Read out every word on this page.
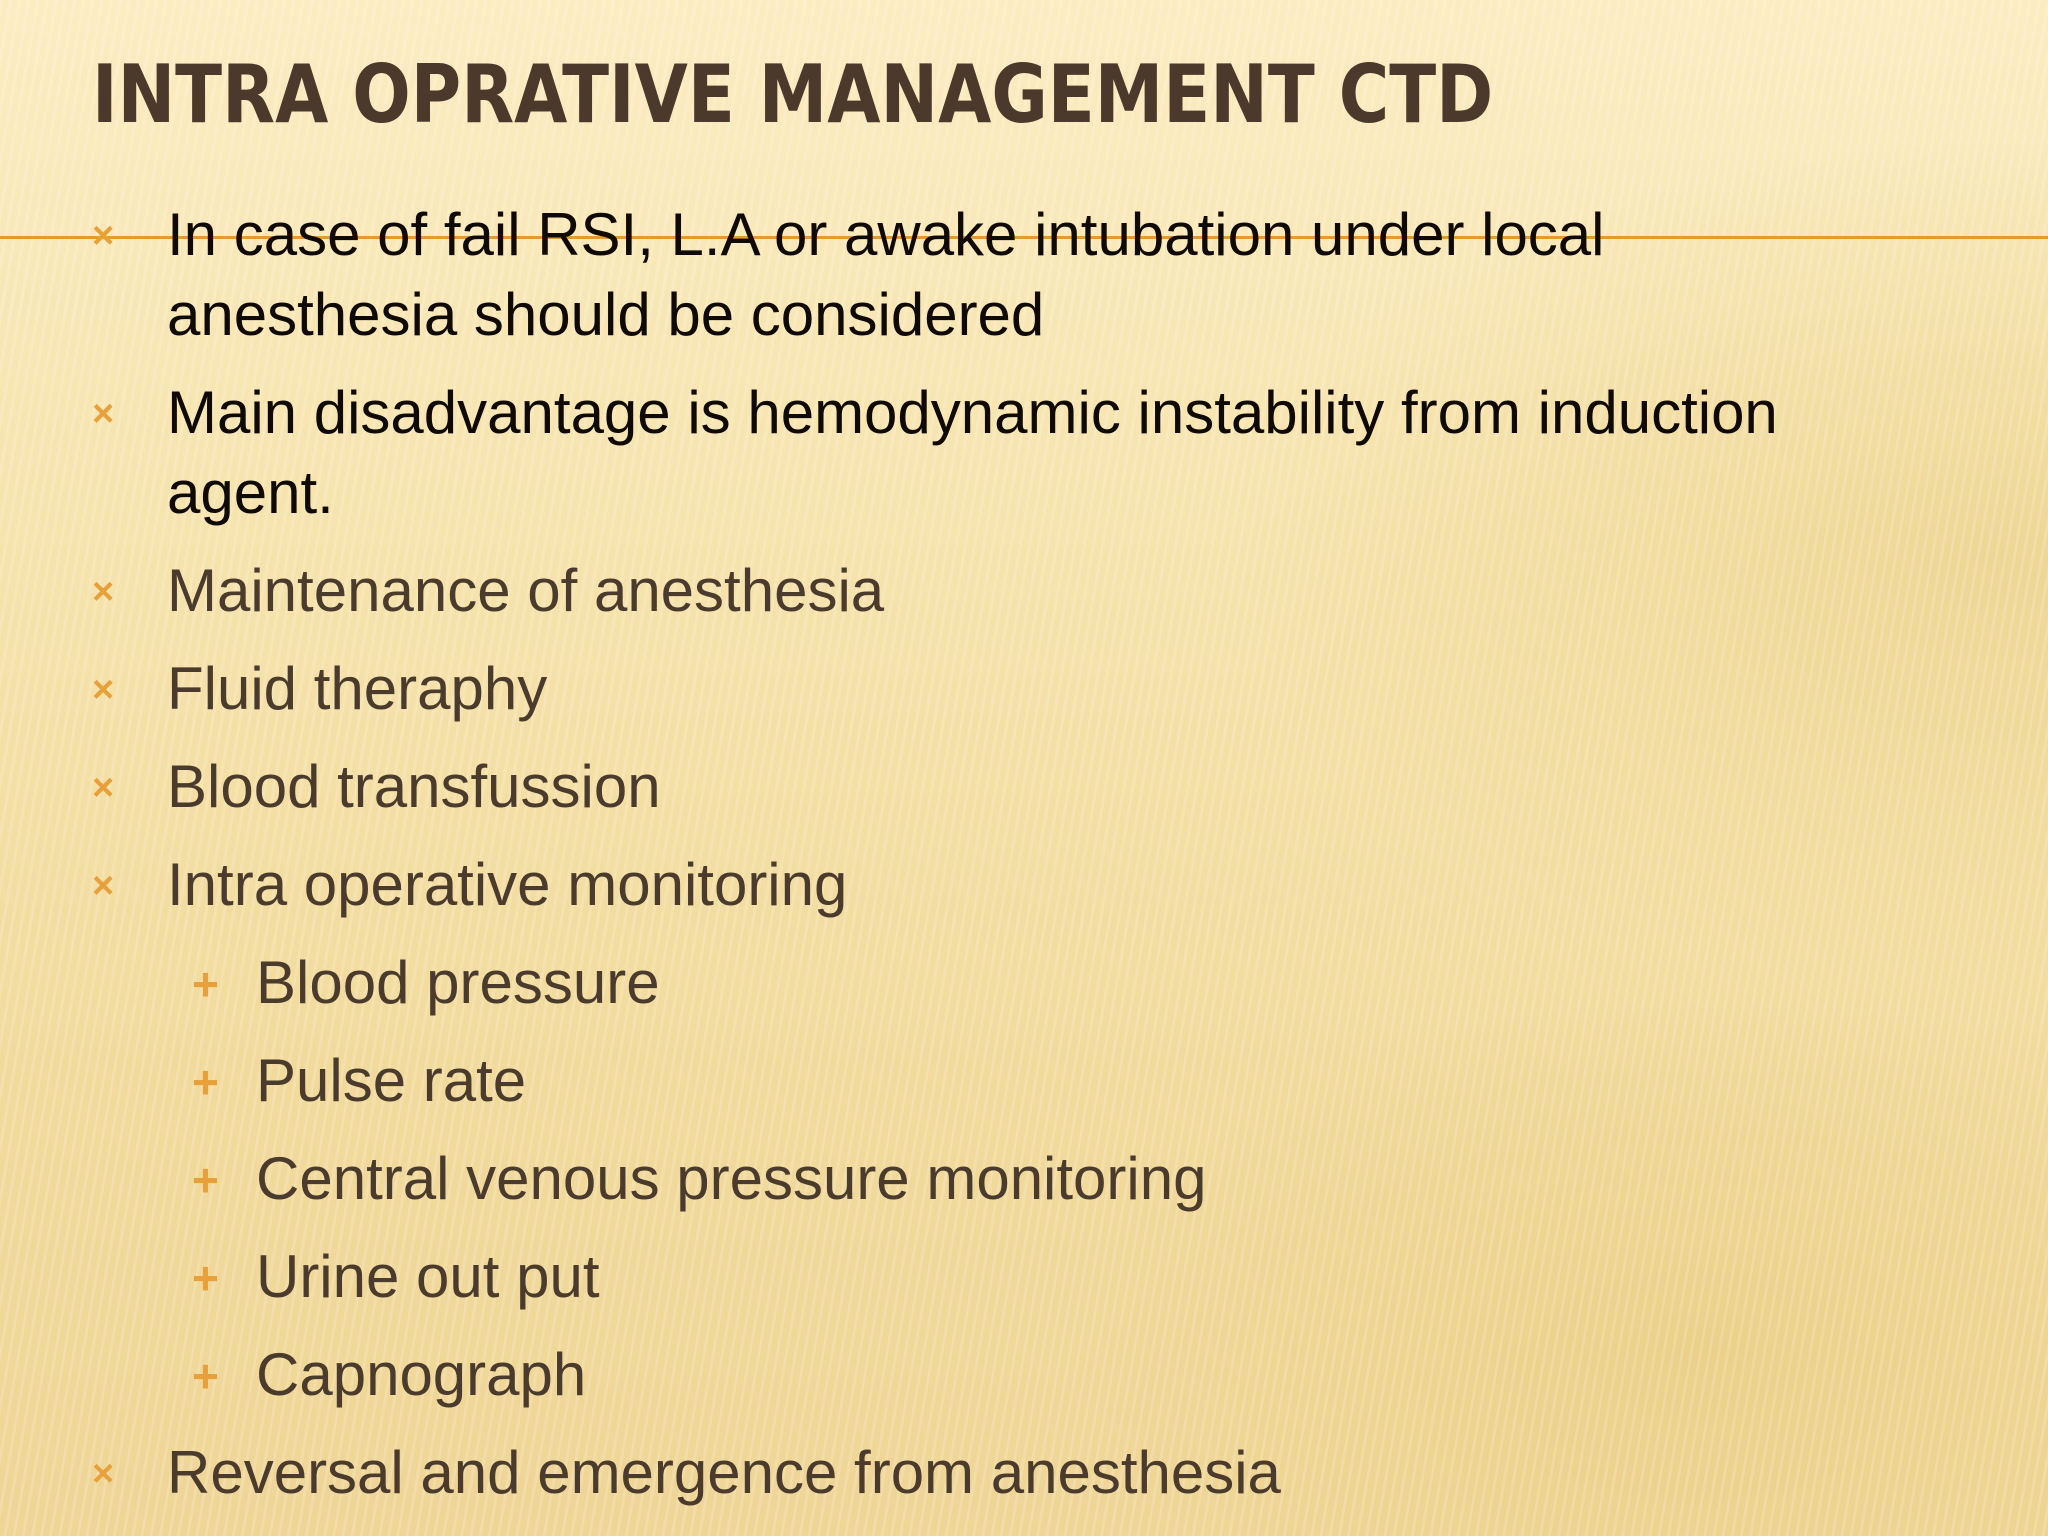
INTRA OPRATIVE MANAGEMENT CTD
× In case of fail RSI, L.A or awake intubation under local anesthesia should be considered
× Main disadvantage is hemodynamic instability from induction agent.
× Maintenance of anesthesia
× Fluid theraphy
× Blood transfussion
× Intra operative monitoring
+ Blood pressure
+ Pulse rate
+ Central venous pressure monitoring
+ Urine out put
+ Capnograph
× Reversal and emergence from anesthesia
